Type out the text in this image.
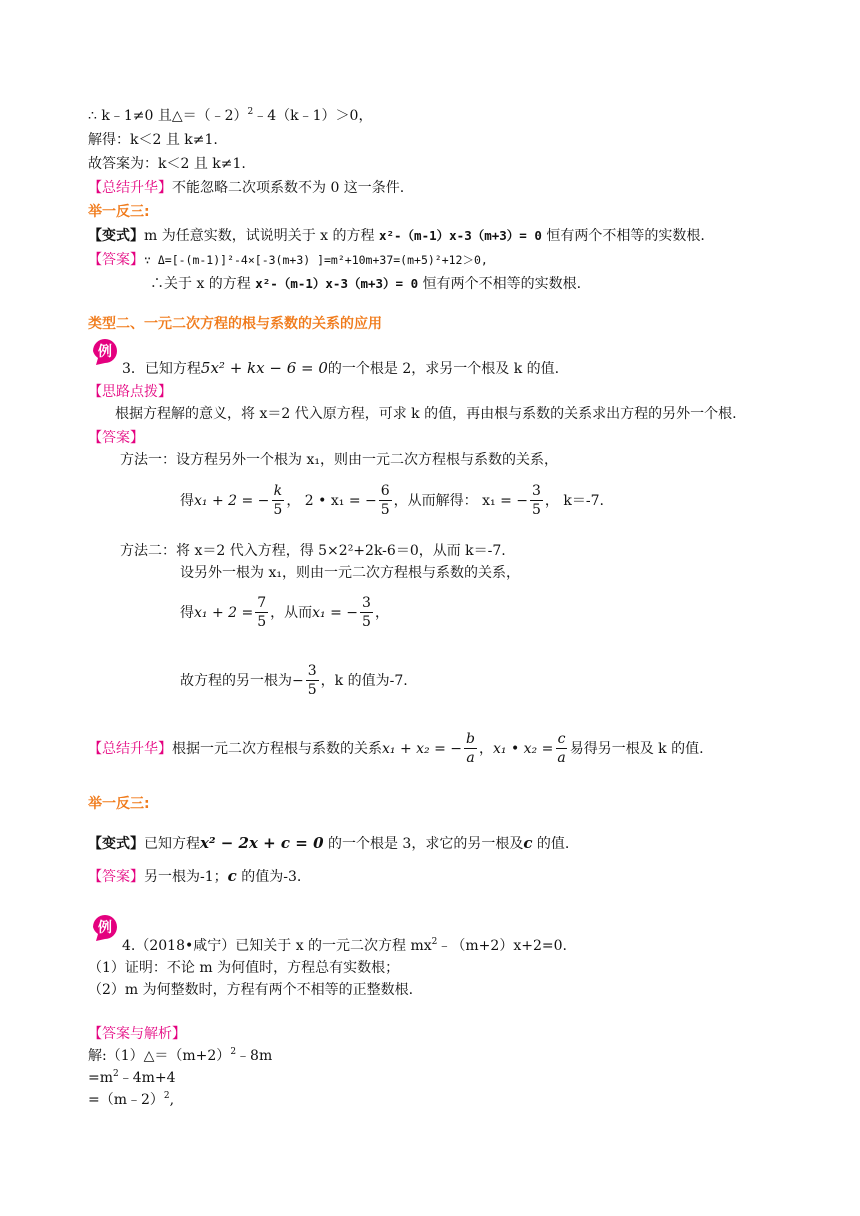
∴ k﹣1≠0 且△＝（﹣2）$^2$﹣4（k﹣1）＞0，
解得：k＜2 且 k≠1.
故答案为：k＜2 且 k≠1.
【总结升华】不能忽略二次项系数不为 0 这一条件.
举一反三:
【变式】m 为任意实数，试说明关于 x 的方程 x²-（m-1）x-3（m+3）= 0 恒有两个不相等的实数根.
【答案】∵ Δ=[-(m-1)]²-4×[-3(m+3) ]=m²+10m+37=(m+5)²+12＞0,
∴关于 x 的方程 x²-（m-1）x-3（m+3）= 0 恒有两个不相等的实数根.
类型二、一元二次方程的根与系数的关系的应用
例
3．已知方程5x² + kx − 6 = 0的一个根是 2，求另一个根及 k 的值.
【思路点拨】
根据方程解的意义，将 x＝2 代入原方程，可求 k 的值，再由根与系数的关系求出方程的另外一个根.
【答案】
方法一：设方程另外一个根为 x₁，则由一元二次方程根与系数的关系，
得 x₁ + 2 = − $\frac{k}{5}$ ， 2 • x₁ = − $\frac{6}{5}$ ，从而解得： x₁ = − $\frac{3}{5}$ ， k＝-7.
方法二：将 x＝2 代入方程，得 5×2²+2k-6＝0，从而 k＝-7.
设另外一根为 x₁，则由一元二次方程根与系数的关系，
得 $x_1 + 2 = \frac{7}{5}$ ，从而 x₁ = − $\frac{3}{5}$ ，
故方程的另一根为 − $\frac{3}{5}$ ，k 的值为-7.
【总结升华】 根据一元二次方程根与系数的关系 x₁ + x₂ = − $\frac{b}{a}$ ， x₁ • $x_2 = \frac{c}{a}$ 易得另一根及 k 的值.
举一反三:
【变式】已知方程x² − 2x + c = 0 的一个根是 3，求它的另一根及c 的值.
【答案】另一根为-1；c 的值为-3.
例
4.（2018•咸宁）已知关于 x 的一元二次方程 $mx^2﹣(m+2)x+2=0$.
（1）证明：不论 m 为何值时，方程总有实数根；
（2）m 为何整数时，方程有两个不相等的正整数根.
【答案与解析】
解$:(1)\triangle=(m+2)^2﹣8m$
$=m^2﹣4m+4$
=（m﹣2）$^2$,
